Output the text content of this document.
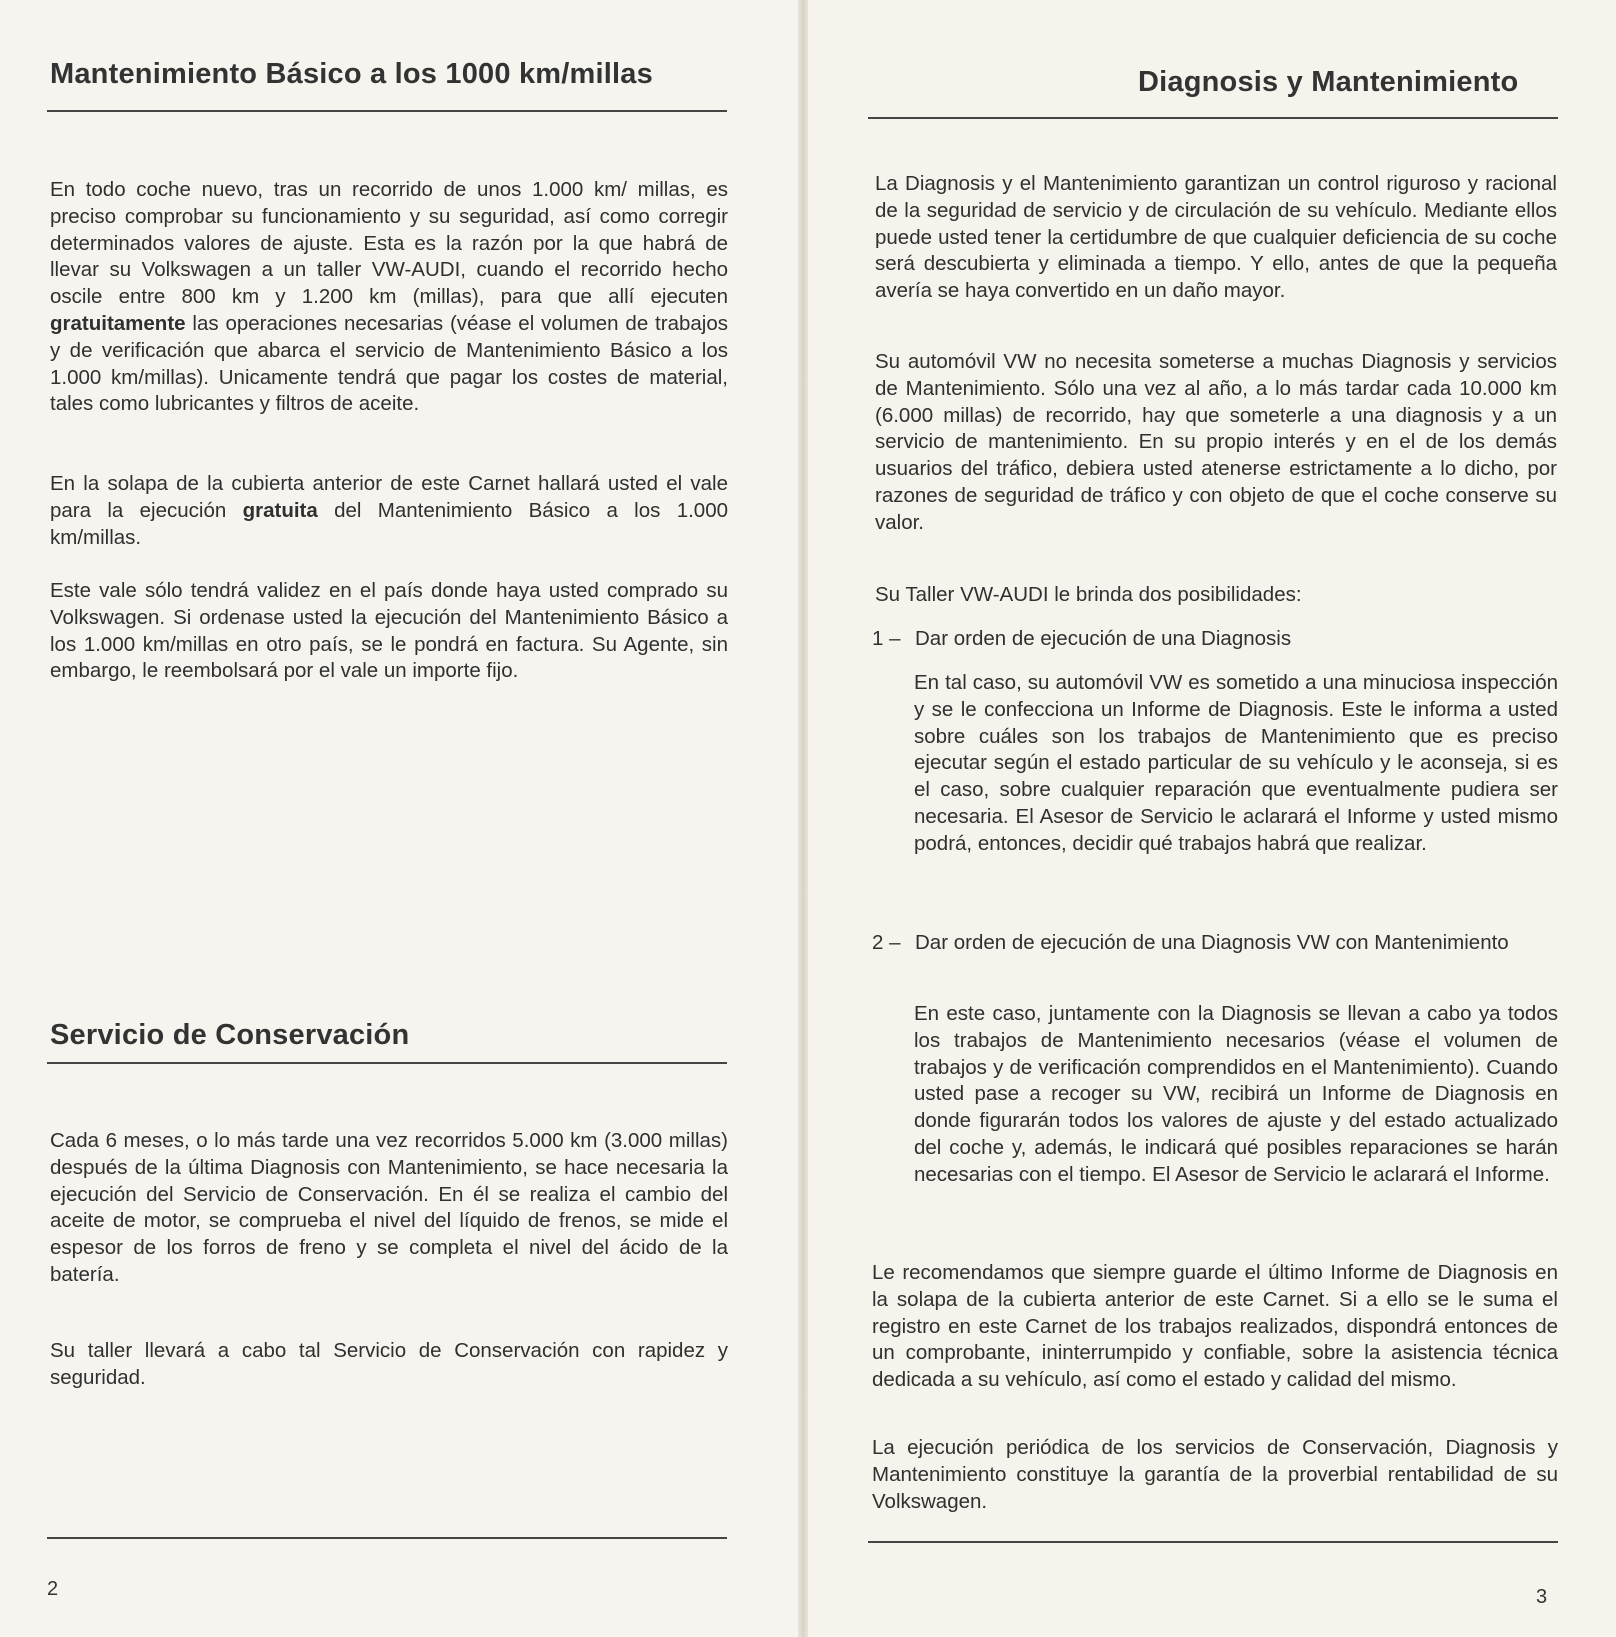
Mantenimiento Básico a los 1000 km/millas

En todo coche nuevo, tras un recorrido de unos 1.000 km/ millas, es preciso comprobar su funcionamiento y su seguridad, así como corregir determinados valores de ajuste. Esta es la razón por la que habrá de llevar su Volkswagen a un taller VW-AUDI, cuando el recorrido hecho oscile entre 800 km y 1.200 km (millas), para que allí ejecuten gratuitamente las operaciones necesarias (véase el volumen de trabajos y de verificación que abarca el servicio de Mantenimiento Básico a los 1.000 km/millas). Unicamente tendrá que pagar los costes de material, tales como lubricantes y filtros de aceite.

En la solapa de la cubierta anterior de este Carnet hallará usted el vale para la ejecución gratuita del Mantenimiento Básico a los 1.000 km/millas.

Este vale sólo tendrá validez en el país donde haya usted comprado su Volkswagen. Si ordenase usted la ejecución del Mantenimiento Básico a los 1.000 km/millas en otro país, se le pondrá en factura. Su Agente, sin embargo, le reembolsará por el vale un importe fijo.

Servicio de Conservación

Cada 6 meses, o lo más tarde una vez recorridos 5.000 km (3.000 millas) después de la última Diagnosis con Mantenimiento, se hace necesaria la ejecución del Servicio de Conservación. En él se realiza el cambio del aceite de motor, se comprueba el nivel del líquido de frenos, se mide el espesor de los forros de freno y se completa el nivel del ácido de la batería.

Su taller llevará a cabo tal Servicio de Conservación con rapidez y seguridad.

2

Diagnosis y Mantenimiento

La Diagnosis y el Mantenimiento garantizan un control riguroso y racional de la seguridad de servicio y de circulación de su vehículo. Mediante ellos puede usted tener la certidumbre de que cualquier deficiencia de su coche será descubierta y eliminada a tiempo. Y ello, antes de que la pequeña avería se haya convertido en un daño mayor.

Su automóvil VW no necesita someterse a muchas Diagnosis y servicios de Mantenimiento. Sólo una vez al año, a lo más tardar cada 10.000 km (6.000 millas) de recorrido, hay que someterle a una diagnosis y a un servicio de mantenimiento. En su propio interés y en el de los demás usuarios del tráfico, debiera usted atenerse estrictamente a lo dicho, por razones de seguridad de tráfico y con objeto de que el coche conserve su valor.

Su Taller VW-AUDI le brinda dos posibilidades:

1 – Dar orden de ejecución de una Diagnosis

En tal caso, su automóvil VW es sometido a una minuciosa inspección y se le confecciona un Informe de Diagnosis. Este le informa a usted sobre cuáles son los trabajos de Mantenimiento que es preciso ejecutar según el estado particular de su vehículo y le aconseja, si es el caso, sobre cualquier reparación que eventualmente pudiera ser necesaria. El Asesor de Servicio le aclarará el Informe y usted mismo podrá, entonces, decidir qué trabajos habrá que realizar.

2 – Dar orden de ejecución de una Diagnosis VW con Mantenimiento

En este caso, juntamente con la Diagnosis se llevan a cabo ya todos los trabajos de Mantenimiento necesarios (véase el volumen de trabajos y de verificación comprendidos en el Mantenimiento). Cuando usted pase a recoger su VW, recibirá un Informe de Diagnosis en donde figurarán todos los valores de ajuste y del estado actualizado del coche y, además, le indicará qué posibles reparaciones se harán necesarias con el tiempo. El Asesor de Servicio le aclarará el Informe.

Le recomendamos que siempre guarde el último Informe de Diagnosis en la solapa de la cubierta anterior de este Carnet. Si a ello se le suma el registro en este Carnet de los trabajos realizados, dispondrá entonces de un comprobante, ininterrumpido y confiable, sobre la asistencia técnica dedicada a su vehículo, así como el estado y calidad del mismo.

La ejecución periódica de los servicios de Conservación, Diagnosis y Mantenimiento constituye la garantía de la proverbial rentabilidad de su Volkswagen.

3
